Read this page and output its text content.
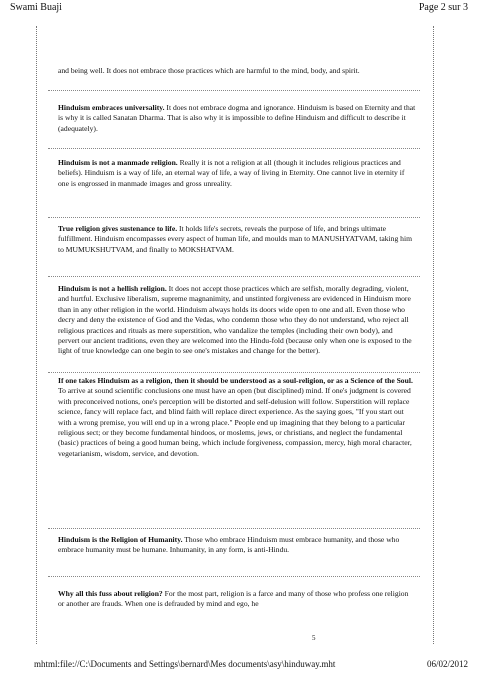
Swami Buaji	Page 2 sur 3
and being well. It does not embrace those practices which are harmful to the mind, body, and spirit.
Hinduism embraces universality. It does not embrace dogma and ignorance. Hinduism is based on Eternity and that is why it is called Sanatan Dharma. That is also why it is impossible to define Hinduism and difficult to describe it (adequately).
Hinduism is not a manmade religion. Really it is not a religion at all (though it includes religious practices and beliefs). Hinduism is a way of life, an eternal way of life, a way of living in Eternity. One cannot live in eternity if one is engrossed in manmade images and gross unreality.
True religion gives sustenance to life. It holds life's secrets, reveals the purpose of life, and brings ultimate fulfillment. Hinduism encompasses every aspect of human life, and moulds man to MANUSHYATVAM, taking him to MUMUKSHUTVAM, and finally to MOKSHATVAM.
Hinduism is not a hellish religion. It does not accept those practices which are selfish, morally degrading, violent, and hurtful. Exclusive liberalism, supreme magnanimity, and unstinted forgiveness are evidenced in Hinduism more than in any other religion in the world. Hinduism always holds its doors wide open to one and all. Even those who decry and deny the existence of God and the Vedas, who condemn those who they do not understand, who reject all religious practices and rituals as mere superstition, who vandalize the temples (including their own body), and pervert our ancient traditions, even they are welcomed into the Hindu-fold (because only when one is exposed to the light of true knowledge can one begin to see one's mistakes and change for the better).
If one takes Hinduism as a religion, then it should be understood as a soul-religion, or as a Science of the Soul. To arrive at sound scientific conclusions one must have an open (but disciplined) mind. If one's judgment is covered with preconceived notions, one's perception will be distorted and self-delusion will follow. Superstition will replace science, fancy will replace fact, and blind faith will replace direct experience. As the saying goes, "If you start out with a wrong premise, you will end up in a wrong place." People end up imagining that they belong to a particular religious sect; or they become fundamental hindoos, or moslems, jews, or christians, and neglect the fundamental (basic) practices of being a good human being, which include forgiveness, compassion, mercy, high moral character, vegetarianism, wisdom, service, and devotion.
Hinduism is the Religion of Humanity. Those who embrace Hinduism must embrace humanity, and those who embrace humanity must be humane. Inhumanity, in any form, is anti-Hindu.
Why all this fuss about religion? For the most part, religion is a farce and many of those who profess one religion or another are frauds. When one is defrauded by mind and ego, he
5
mhtml:file://C:\Documents and Settings\bernard\Mes documents\asy\hinduway.mht	06/02/2012
